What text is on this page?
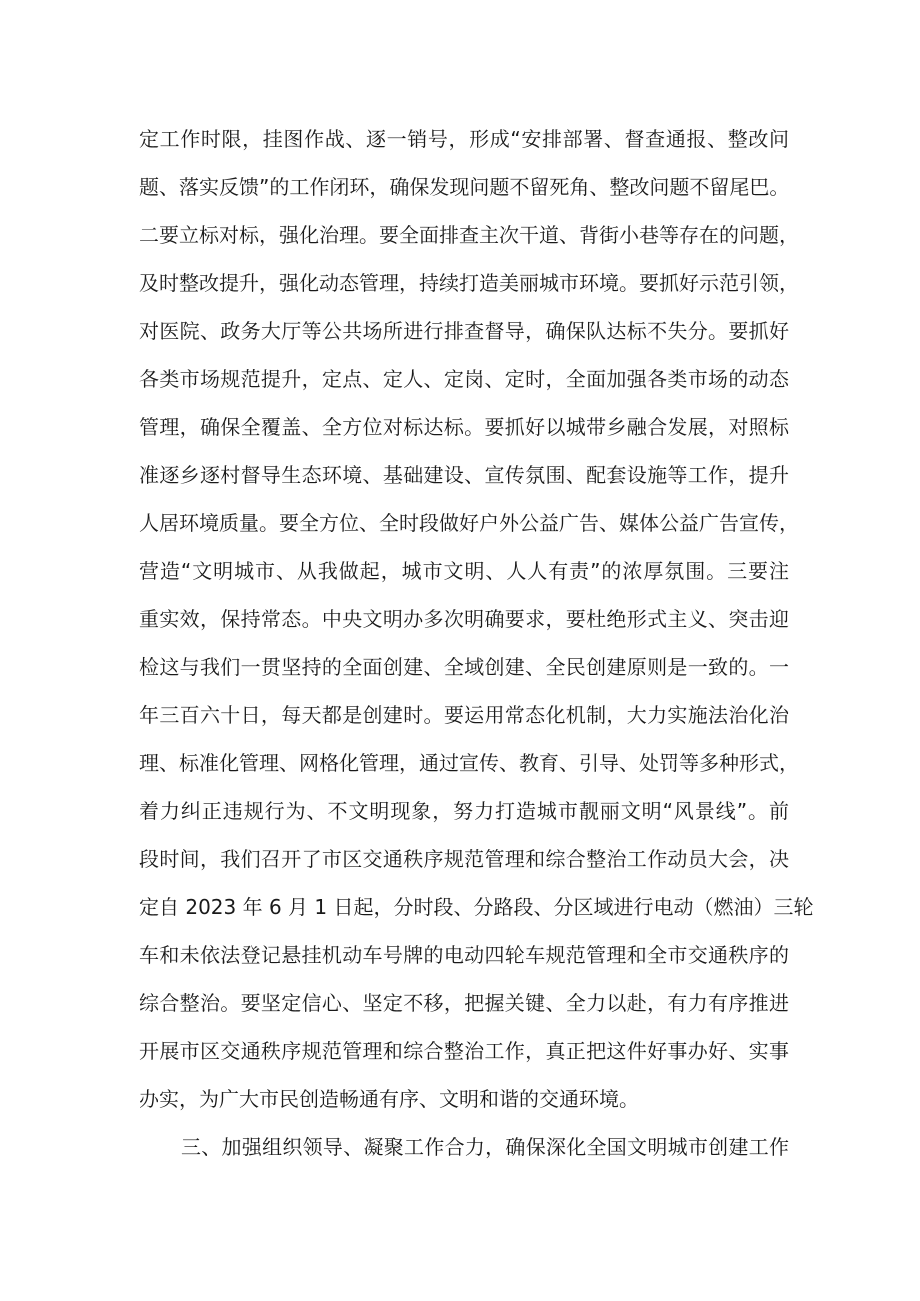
定工作时限，挂图作战、逐一销号，形成“安排部署、督查通报、整改问
题、落实反馈”的工作闭环，确保发现问题不留死角、整改问题不留尾巴。
二要立标对标，强化治理。要全面排查主次干道、背街小巷等存在的问题，
及时整改提升，强化动态管理，持续打造美丽城市环境。要抓好示范引领，
对医院、政务大厅等公共场所进行排查督导，确保队达标不失分。要抓好
各类市场规范提升，定点、定人、定岗、定时，全面加强各类市场的动态
管理，确保全覆盖、全方位对标达标。要抓好以城带乡融合发展，对照标
准逐乡逐村督导生态环境、基础建设、宣传氛围、配套设施等工作，提升
人居环境质量。要全方位、全时段做好户外公益广告、媒体公益广告宣传，
营造“文明城市、从我做起，城市文明、人人有责”的浓厚氛围。三要注
重实效，保持常态。中央文明办多次明确要求，要杜绝形式主义、突击迎
检这与我们一贯坚持的全面创建、全域创建、全民创建原则是一致的。一
年三百六十日，每天都是创建时。要运用常态化机制，大力实施法治化治
理、标准化管理、网格化管理，通过宣传、教育、引导、处罚等多种形式，
着力纠正违规行为、不文明现象，努力打造城市靓丽文明“风景线”。前
段时间，我们召开了市区交通秩序规范管理和综合整治工作动员大会，决
定自 2023 年 6 月 1 日起，分时段、分路段、分区域进行电动（燃油）三轮
车和未依法登记悬挂机动车号牌的电动四轮车规范管理和全市交通秩序的
综合整治。要坚定信心、坚定不移，把握关键、全力以赴，有力有序推进
开展市区交通秩序规范管理和综合整治工作，真正把这件好事办好、实事
办实，为广大市民创造畅通有序、文明和谐的交通环境。
三、加强组织领导、凝聚工作合力，确保深化全国文明城市创建工作
